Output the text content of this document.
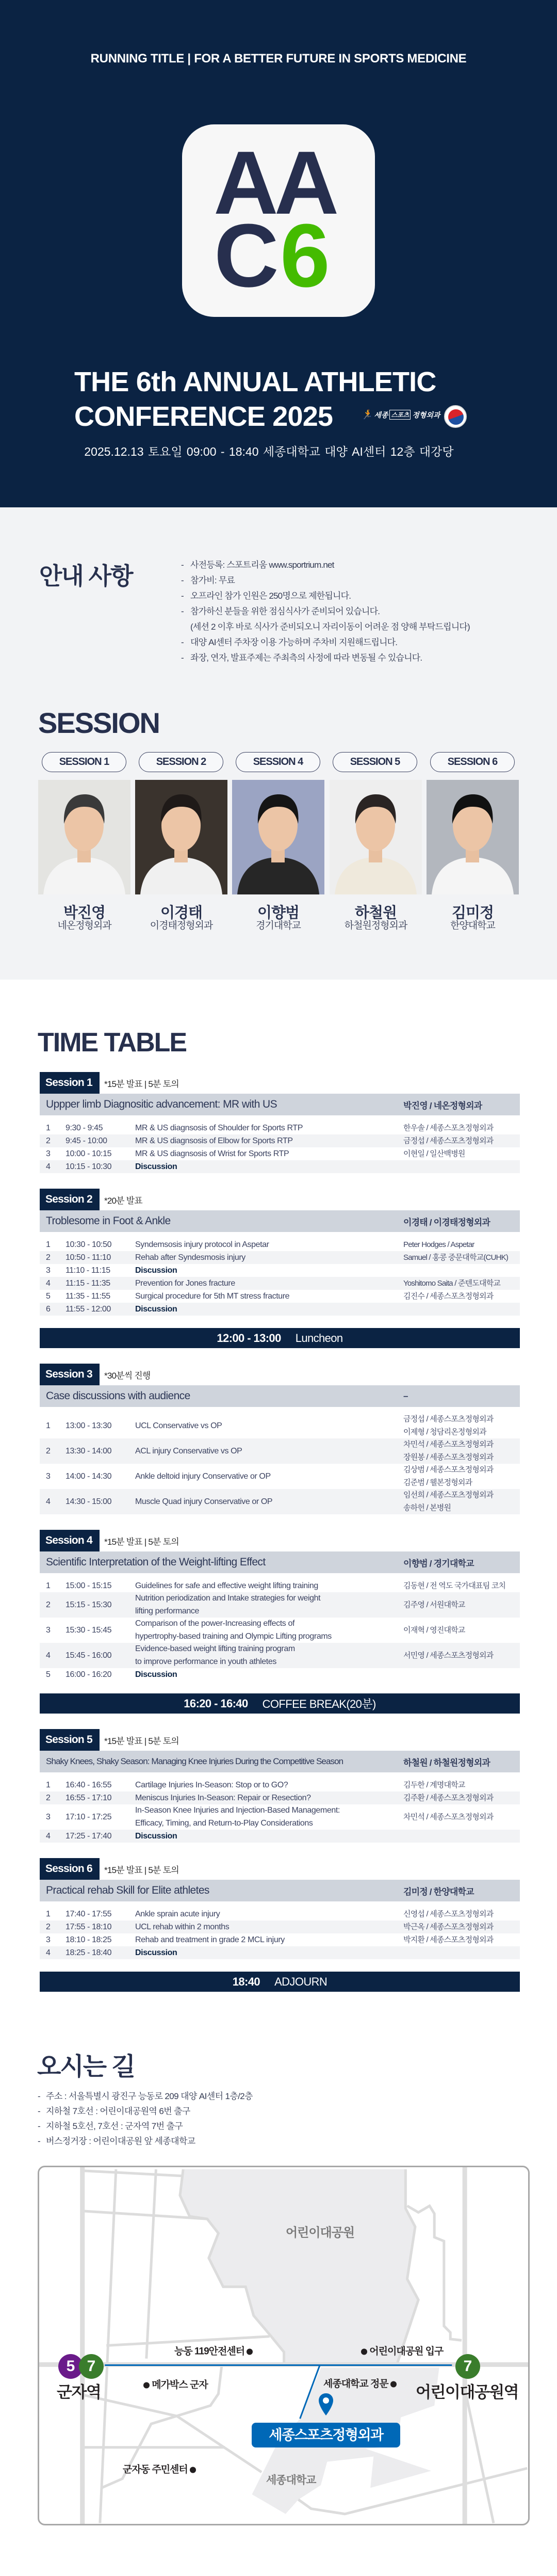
RUNNING TITLE | FOR A BETTER FUTURE IN SPORTS MEDICINE
AA
C 6
THE 6th ANNUAL ATHLETIC
CONFERENCE 2025	🏃 세종 스포츠 정형외과
2025.12.13 토요일 09:00 - 18:40 세종대학교 대양 AI센터 12층 대강당
안내 사항	- 사전등록: 스포트리움 www.sportrium.net
- 참가비: 무료
- 오프라인 참가 인원은 250명으로 제한됩니다.
- 참가하신 분들을 위한 점심식사가 준비되어 있습니다.
(세션 2 이후 바로 식사가 준비되오니 자리이동이 어려운 점 양해 부탁드립니다)
- 대양 AI센터 주차장 이용 가능하며 주차비 지원해드립니다.
- 좌장, 연자, 발표주제는 주최측의 사정에 따라 변동될 수 있습니다.
SESSION
SESSION 1
박진영
네온정형외과
SESSION 2
이경태
이경태정형외과
SESSION 4
이향범
경기대학교
SESSION 5
하철원
하철원정형외과
SESSION 6
김미정
한양대학교
TIME TABLE
Session 1	*15분 발표 | 5분 토의
Uppper limb Diagnositic advancement: MR with US	박진영 / 네온정형외과
1 9:30 - 9:45	MR & US diagnsosis of Shoulder for Sports RTP	한우솔 / 세종스포츠정형외과
2 9:45 - 10:00	MR & US diagnsosis of Elbow for Sports RTP	금정섭 / 세종스포츠정형외과
3 10:00 - 10:15	MR & US diagnsosis of Wrist for Sports RTP	이현일 / 일산백병원
4 10:15 - 10:30	Discussion
Session 2	*20분 발표
Troblesome in Foot & Ankle	이경태 / 이경태정형외과
1 10:30 - 10:50	Syndemsosis injury protocol in Aspetar	Peter Hodges / Aspetar
2 10:50 - 11:10	Rehab after Syndesmosis injury	Samuel / 홍콩 중문대학교(CUHK)
3 11:10 - 11:15	Discussion
4 11:15 - 11:35	Prevention for Jones fracture	Yoshitomo Saita / 준텐도대학교
5 11:35 - 11:55	Surgical procedure for 5th MT stress fracture	김진수 / 세종스포츠정형외과
6 11:55 - 12:00	Discussion
12:00 - 13:00 Luncheon
Session 3	*30분씩 진행
Case discussions with audience	–
1 13:00 - 13:30	UCL Conservative vs OP
금정섭 / 세종스포츠정형외과
이제형 / 청담리온정형외과
2 13:30 - 14:00	ACL injury Conservative vs OP
차민석 / 세종스포츠정형외과
장원봉 / 세종스포츠정형외과
3 14:00 - 14:30	Ankle deltoid injury Conservative or OP
김상범 / 세종스포츠정형외과
김준범 / 웰본정형외과
4 14:30 - 15:00	Muscle Quad injury Conservative or OP
임선희 / 세종스포츠정형외과
송하헌 / 본병원
Session 4	*15분 발표 | 5분 토의
Scientific Interpretation of the Weight-lifting Effect	이향범 / 경기대학교
1 15:00 - 15:15	Guidelines for safe and effective weight lifting training	김동현 / 전 역도 국가대표팀 코치
2 15:15 - 15:30
Nutrition periodization and Intake strategies for weight
lifting performance
김주영 / 서원대학교
3 15:30 - 15:45
Comparison of the power-Increasing effects of
hypertrophy-based training and Olympic Lifting programs
이재혁 / 영진대학교
4 15:45 - 16:00
Evidence-based weight lifting training program
to improve performance in youth athletes
서민영 / 세종스포츠정형외과
5 16:00 - 16:20	Discussion
16:20 - 16:40 COFFEE BREAK(20분)
Session 5	*15분 발표 | 5분 토의
Shaky Knees, Shaky Season: Managing Knee Injuries During the Competitive Season	하철원 / 하철원정형외과
1 16:40 - 16:55	Cartilage Injuries In-Season: Stop or to GO?	김두한 / 계명대학교
2 16:55 - 17:10	Meniscus Injuries In-Season: Repair or Resection?	김주환 / 세종스포츠정형외과
3 17:10 - 17:25
In-Season Knee Injuries and Injection-Based Management:
Efficacy, Timing, and Return-to-Play Considerations
차민석 / 세종스포츠정형외과
4 17:25 - 17:40	Discussion
Session 6	*15분 발표 | 5분 토의
Practical rehab Skill for Elite athletes	김미정 / 한양대학교
1 17:40 - 17:55	Ankle sprain acute injury	신영섭 / 세종스포츠정형외과
2 17:55 - 18:10	UCL rehab within 2 months	박근옥 / 세종스포츠정형외과
3 18:10 - 18:25	Rehab and treatment in grade 2 MCL injury	박지환 / 세종스포츠정형외과
4 18:25 - 18:40	Discussion
18:40 ADJOURN
오시는 길
- 주소 : 서울특별시 광진구 능동로 209 대양 AI센터 1층/2층
- 지하철 7호선 : 어린이대공원역 6번 출구
- 지하철 5호선, 7호선 : 군자역 7번 출구
- 버스정거장 : 어린이대공원 앞 세종대학교
어린이대공원
세종대학교
능동 119안전센터	어린이대공원 입구
메가박스 군자	세종대학교 정문
군자동 주민센터
5 7	7
군자역	어린이대공원역
세종스포츠정형외과
